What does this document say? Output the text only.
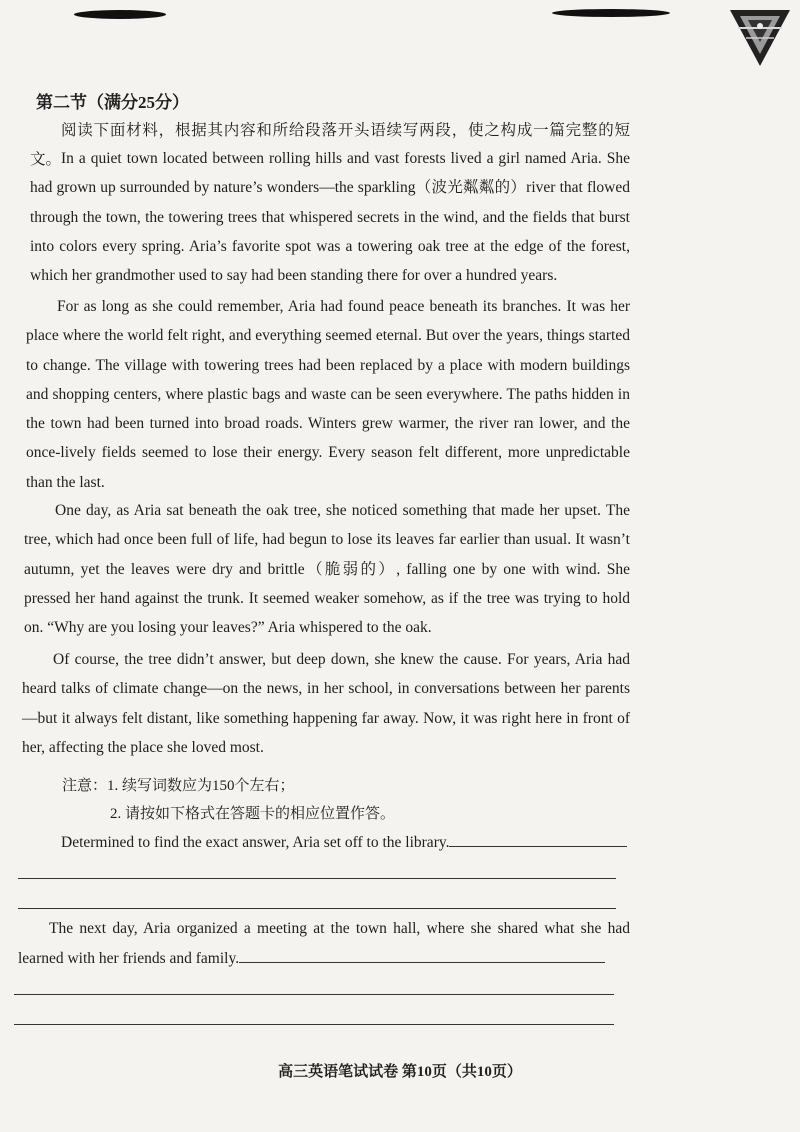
第二节（满分25分）

阅读下面材料，根据其内容和所给段落开头语续写两段，使之构成一篇完整的短文。 In a quiet town located between rolling hills and vast forests lived a girl named Aria. She had grown up surrounded by nature’s wonders—the sparkling（波光粼粼的）river that flowed through the town, the towering trees that whispered secrets in the wind, and the fields that burst into colors every spring. Aria’s favorite spot was a towering oak tree at the edge of the forest, which her grandmother used to say had been standing there for over a hundred years.

For as long as she could remember, Aria had found peace beneath its branches. It was her place where the world felt right, and everything seemed eternal. But over the years, things started to change. The village with towering trees had been replaced by a place with modern buildings and shopping centers, where plastic bags and waste can be seen everywhere. The paths hidden in the town had been turned into broad roads. Winters grew warmer, the river ran lower, and the once-lively fields seemed to lose their energy. Every season felt different, more unpredictable than the last.

One day, as Aria sat beneath the oak tree, she noticed something that made her upset. The tree, which had once been full of life, had begun to lose its leaves far earlier than usual. It wasn’t autumn, yet the leaves were dry and brittle（脆弱的）, falling one by one with wind. She pressed her hand against the trunk. It seemed weaker somehow, as if the tree was trying to hold on. “Why are you losing your leaves?” Aria whispered to the oak.

Of course, the tree didn’t answer, but deep down, she knew the cause. For years, Aria had heard talks of climate change—on the news, in her school, in conversations between her parents—but it always felt distant, like something happening far away. Now, it was right here in front of her, affecting the place she loved most.

注意：1. 续写词数应为150个左右；
2. 请按如下格式在答题卡的相应位置作答。

Determined to find the exact answer, Aria set off to the library.

The next day, Aria organized a meeting at the town hall, where she shared what she had learned with her friends and family.

高三英语笔试试卷 第10页（共10页）
